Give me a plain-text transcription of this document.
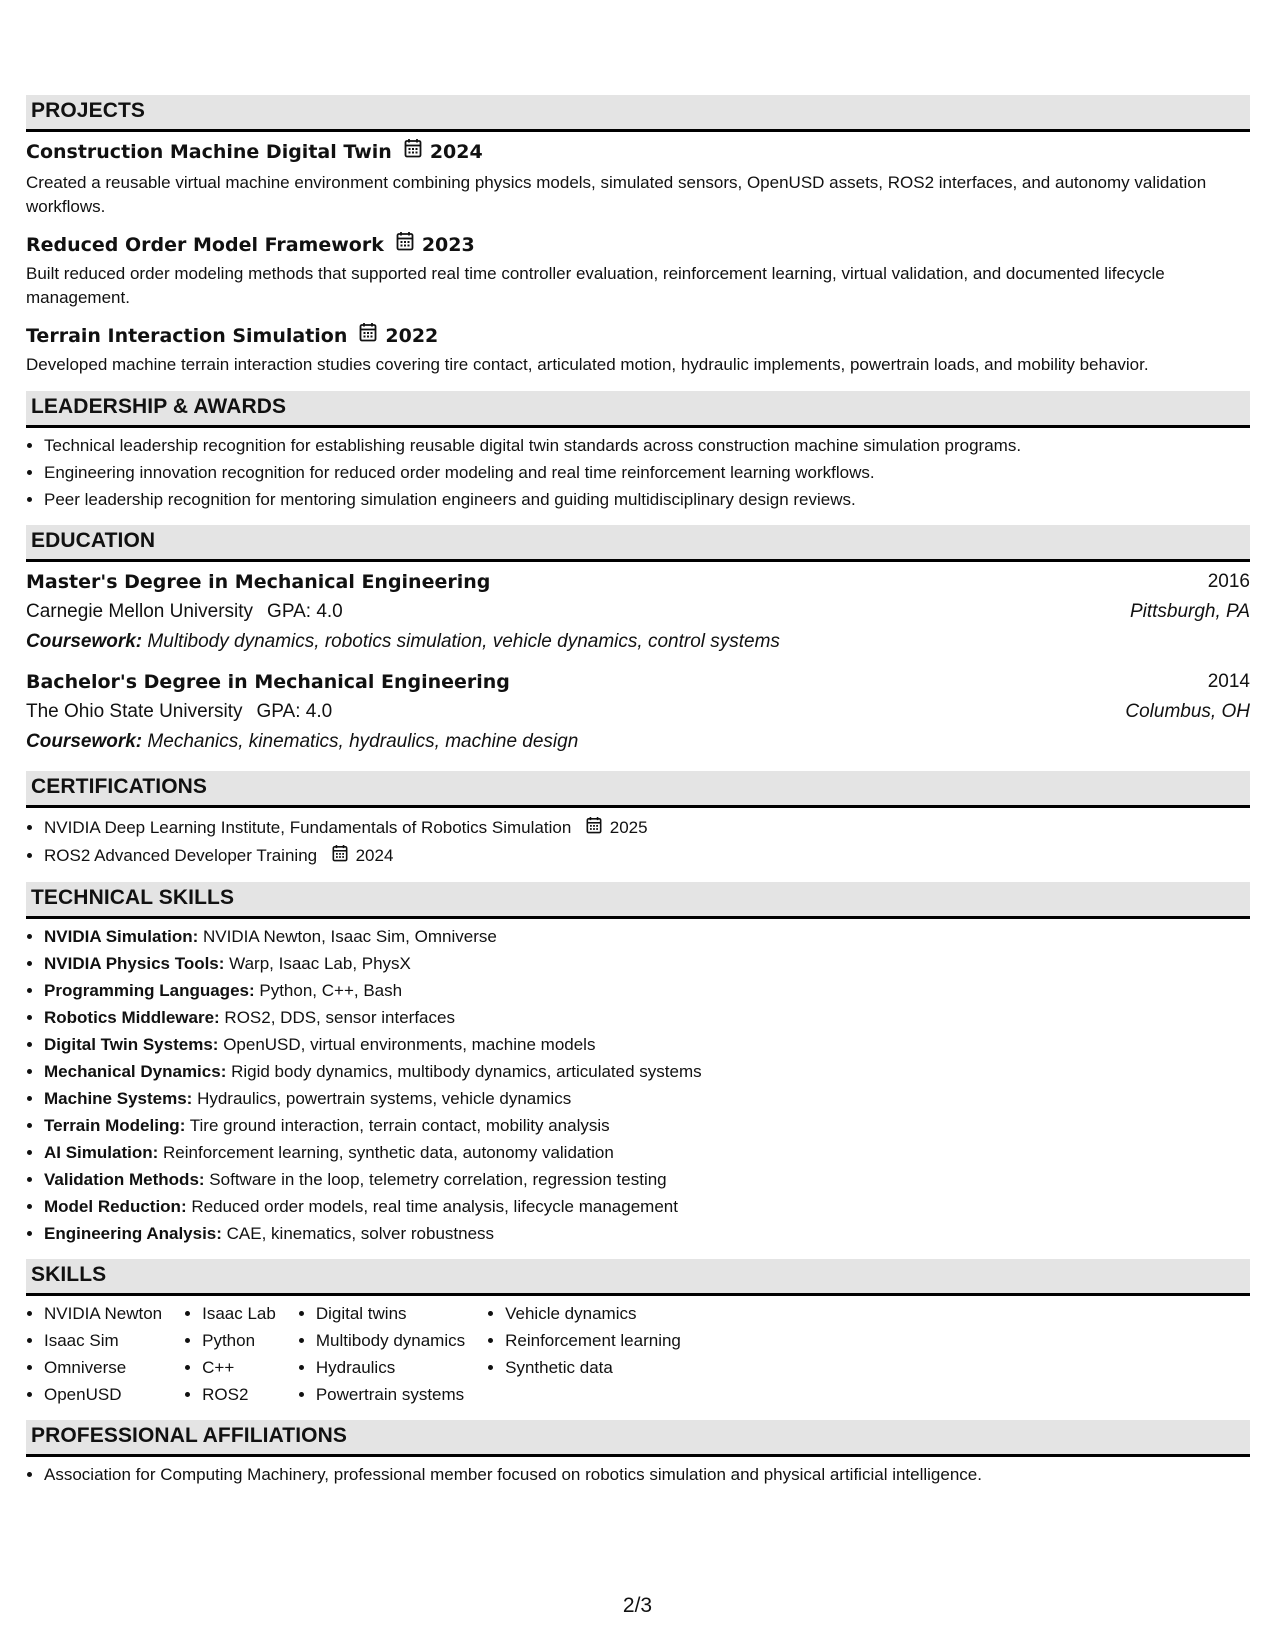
PROJECTS
Construction Machine Digital Twin 2024
Created a reusable virtual machine environment combining physics models, simulated sensors, OpenUSD assets, ROS2 interfaces, and autonomy validation workflows.
Reduced Order Model Framework 2023
Built reduced order modeling methods that supported real time controller evaluation, reinforcement learning, virtual validation, and documented lifecycle management.
Terrain Interaction Simulation 2022
Developed machine terrain interaction studies covering tire contact, articulated motion, hydraulic implements, powertrain loads, and mobility behavior.
LEADERSHIP & AWARDS
• Technical leadership recognition for establishing reusable digital twin standards across construction machine simulation programs.
• Engineering innovation recognition for reduced order modeling and real time reinforcement learning workflows.
• Peer leadership recognition for mentoring simulation engineers and guiding multidisciplinary design reviews.
EDUCATION
Master's Degree in Mechanical Engineering	2016
Carnegie Mellon University GPA: 4.0	Pittsburgh, PA
Coursework: Multibody dynamics, robotics simulation, vehicle dynamics, control systems
Bachelor's Degree in Mechanical Engineering	2014
The Ohio State University GPA: 4.0	Columbus, OH
Coursework: Mechanics, kinematics, hydraulics, machine design
CERTIFICATIONS
• NVIDIA Deep Learning Institute, Fundamentals of Robotics Simulation 2025
• ROS2 Advanced Developer Training 2024
TECHNICAL SKILLS
• NVIDIA Simulation: NVIDIA Newton, Isaac Sim, Omniverse
• NVIDIA Physics Tools: Warp, Isaac Lab, PhysX
• Programming Languages: Python, C++, Bash
• Robotics Middleware: ROS2, DDS, sensor interfaces
• Digital Twin Systems: OpenUSD, virtual environments, machine models
• Mechanical Dynamics: Rigid body dynamics, multibody dynamics, articulated systems
• Machine Systems: Hydraulics, powertrain systems, vehicle dynamics
• Terrain Modeling: Tire ground interaction, terrain contact, mobility analysis
• AI Simulation: Reinforcement learning, synthetic data, autonomy validation
• Validation Methods: Software in the loop, telemetry correlation, regression testing
• Model Reduction: Reduced order models, real time analysis, lifecycle management
• Engineering Analysis: CAE, kinematics, solver robustness
SKILLS
• NVIDIA Newton
• Isaac Sim
• Omniverse
• OpenUSD
• Isaac Lab
• Python
• C++
• ROS2
• Digital twins
• Multibody dynamics
• Hydraulics
• Powertrain systems
• Vehicle dynamics
• Reinforcement learning
• Synthetic data
PROFESSIONAL AFFILIATIONS
• Association for Computing Machinery, professional member focused on robotics simulation and physical artificial intelligence.
2/3
